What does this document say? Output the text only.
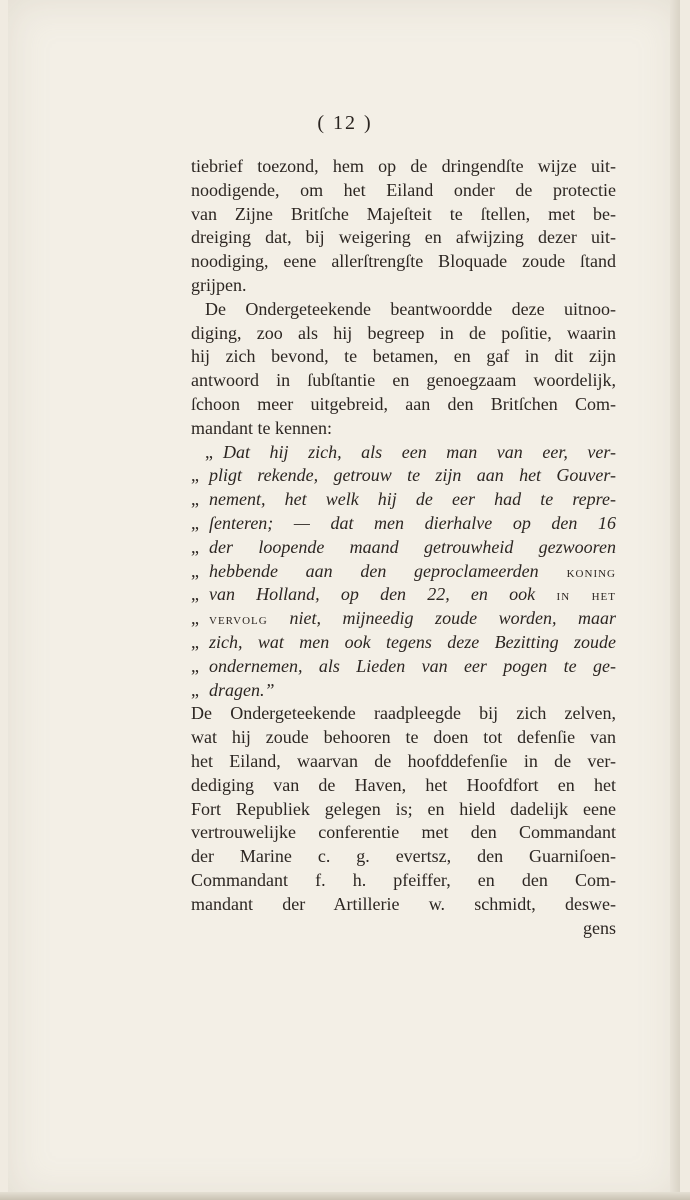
( 12 )
tiebrief toezond, hem op de dringendſte wijze uit-
noodigende, om het Eiland onder de protectie
van Zijne Britſche Majeſteit te ſtellen, met be-
dreiging dat, bij weigering en afwijzing dezer uit-
noodiging, eene allerſtrengſte Bloquade zoude ſtand
grijpen.
De Ondergeteekende beantwoordde deze uitnoo-
diging, zoo als hij begreep in de poſitie, waarin
hij zich bevond, te betamen, en gaf in dit zijn
antwoord in ſubſtantie en genoegzaam woordelijk,
ſchoon meer uitgebreid, aan den Britſchen Com-
mandant te kennen:
„ Dat hij zich, als een man van eer, ver-
„ pligt rekende, getrouw te zijn aan het Gouver-
„ nement, het welk hij de eer had te repre-
„ ſenteren; — dat men dierhalve op den 16
„ der loopende maand getrouwheid gezwooren
„ hebbende aan den geproclameerden koning
„ van Holland, op den 22, en ook in het
„ vervolg niet, mijneedig zoude worden, maar
„ zich, wat men ook tegens deze Bezitting zoude
„ ondernemen, als Lieden van eer pogen te ge-
„ dragen.”
De Ondergeteekende raadpleegde bij zich zelven,
wat hij zoude behooren te doen tot defenſie van
het Eiland, waarvan de hoofddefenſie in de ver-
dediging van de Haven, het Hoofdfort en het
Fort Republiek gelegen is; en hield dadelijk eene
vertrouwelijke conferentie met den Commandant
der Marine c. g. evertsz, den Guarniſoen-
Commandant f. h. pfeiffer, en den Com-
mandant der Artillerie w. schmidt, deswe-
gens
